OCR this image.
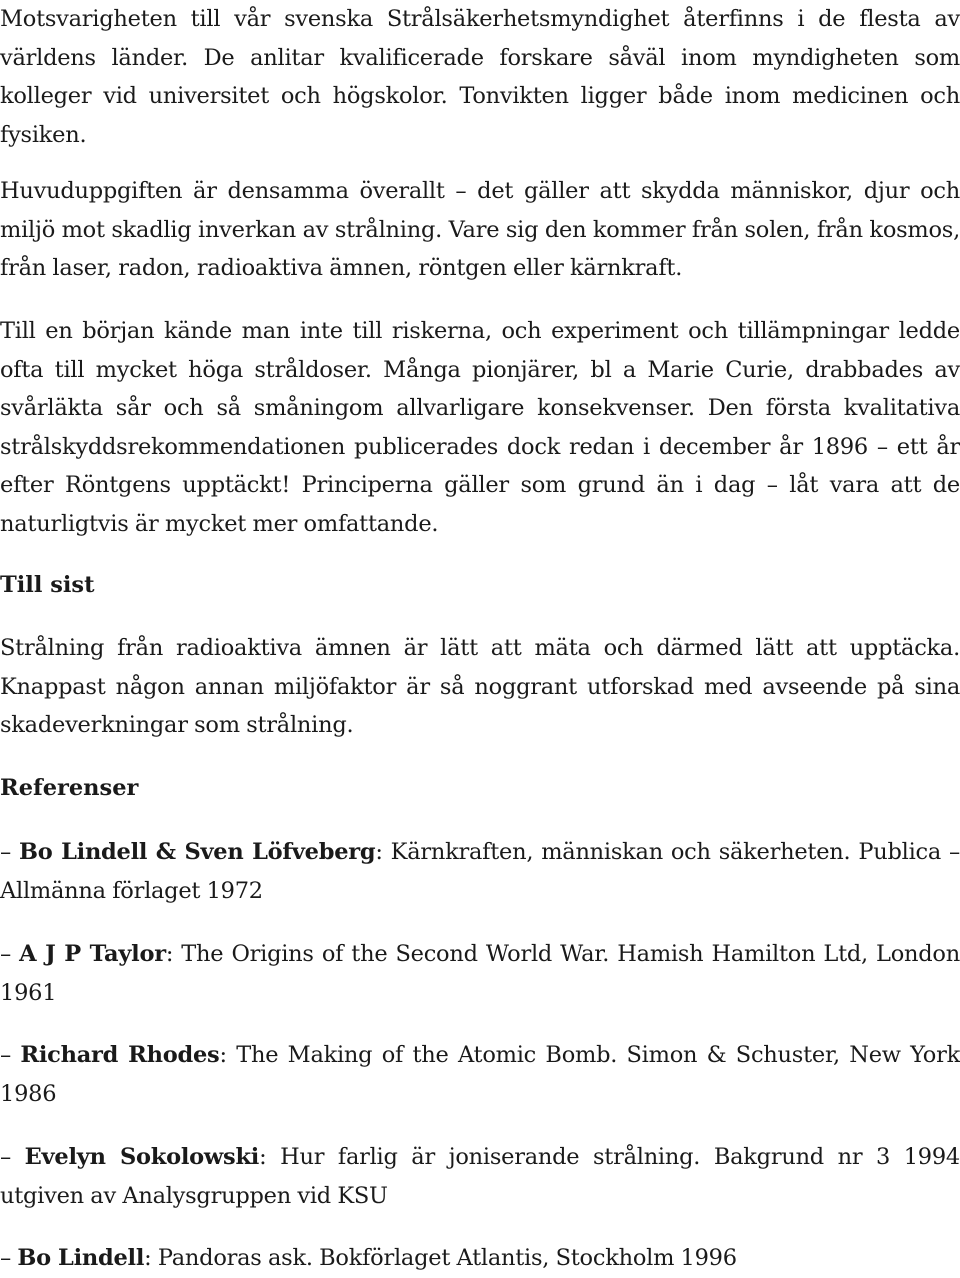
Motsvarigheten till vår svenska Strålsäkerhetsmyndighet återfinns i de flesta av världens länder. De anlitar kvalificerade forskare såväl inom myndigheten som kolleger vid universitet och högskolor. Tonvikten ligger både inom medicinen och fysiken.

Huvuduppgiften är densamma överallt – det gäller att skydda människor, djur och miljö mot skadlig inverkan av strålning. Vare sig den kommer från solen, från kosmos, från laser, radon, radioaktiva ämnen, röntgen eller kärnkraft.

Till en början kände man inte till riskerna, och experiment och tillämpningar ledde ofta till mycket höga stråldoser. Många pionjärer, bl a Marie Curie, drabbades av svårläkta sår och så småningom allvarligare konsekvenser. Den första kvalitativa strålskyddsrekommendationen publicerades dock redan i december år 1896 – ett år efter Röntgens upptäckt! Principerna gäller som grund än i dag – låt vara att de naturligtvis är mycket mer omfattande.

Till sist

Strålning från radioaktiva ämnen är lätt att mäta och därmed lätt att upptäcka. Knappast någon annan miljöfaktor är så noggrant utforskad med avseende på sina skadeverkningar som strålning.

Referenser

– Bo Lindell & Sven Löfveberg: Kärnkraften, människan och säkerheten. Publica – Allmänna förlaget 1972

– A J P Taylor: The Origins of the Second World War. Hamish Hamilton Ltd, London 1961

– Richard Rhodes: The Making of the Atomic Bomb. Simon & Schuster, New York 1986

– Evelyn Sokolowski: Hur farlig är joniserande strålning. Bakgrund nr 3 1994 utgiven av Analysgruppen vid KSU

– Bo Lindell: Pandoras ask. Bokförlaget Atlantis, Stockholm 1996
